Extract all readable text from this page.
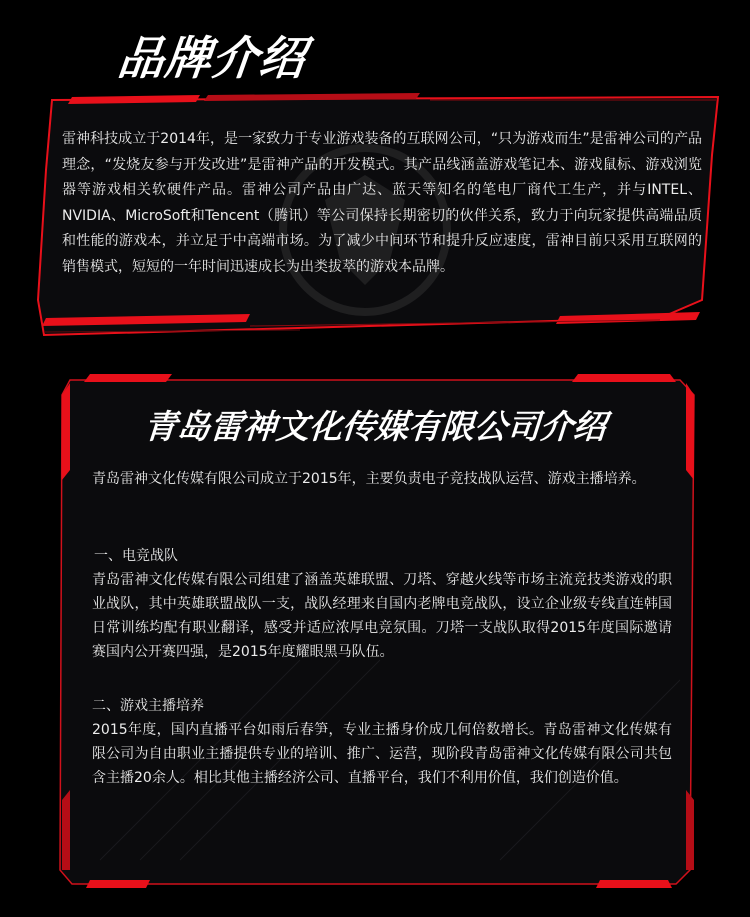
品牌介绍

雷神科技成立于2014年，是一家致力于专业游戏装备的互联网公司，“只为游戏而生”是雷神公司的产品理念，“发烧友参与开发改进”是雷神产品的开发模式。其产品线涵盖游戏笔记本、游戏鼠标、游戏浏览器等游戏相关软硬件产品。雷神公司产品由广达、蓝天等知名的笔电厂商代工生产，并与INTEL、NVIDIA、MicroSoft和Tencent（腾讯）等公司保持长期密切的伙伴关系，致力于向玩家提供高端品质和性能的游戏本，并立足于中高端市场。为了减少中间环节和提升反应速度，雷神目前只采用互联网的销售模式，短短的一年时间迅速成长为出类拔萃的游戏本品牌。

青岛雷神文化传媒有限公司介绍

青岛雷神文化传媒有限公司成立于2015年，主要负责电子竞技战队运营、游戏主播培养。

一、电竞战队

青岛雷神文化传媒有限公司组建了涵盖英雄联盟、刀塔、穿越火线等市场主流竞技类游戏的职业战队，其中英雄联盟战队一支，战队经理来自国内老牌电竞战队，设立企业级专线直连韩国日常训练均配有职业翻译，感受并适应浓厚电竞氛围。刀塔一支战队取得2015年度国际邀请赛国内公开赛四强，是2015年度耀眼黑马队伍。

二、游戏主播培养

2015年度，国内直播平台如雨后春笋，专业主播身价成几何倍数增长。青岛雷神文化传媒有限公司为自由职业主播提供专业的培训、推广、运营，现阶段青岛雷神文化传媒有限公司共包含主播20余人。相比其他主播经济公司、直播平台，我们不利用价值，我们创造价值。
